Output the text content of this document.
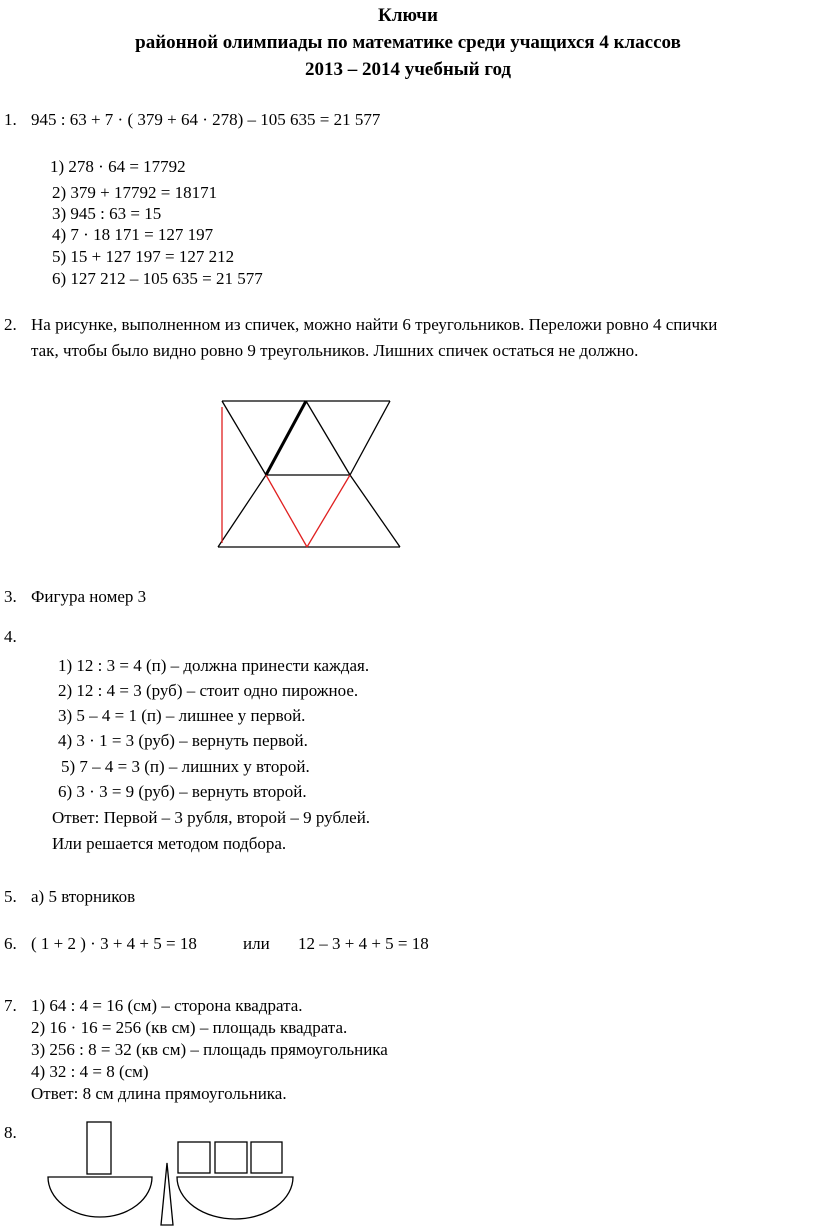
Ключи
районной олимпиады по математике среди учащихся 4 классов
2013 – 2014 учебный год
1. 945 : 63 + 7 · ( 379 + 64 · 278) – 105 635 = 21 577
1) 278 · 64 = 17792
2) 379 + 17792 = 18171
3) 945 : 63 = 15
4) 7 · 18 171 = 127 197
5) 15 + 127 197 = 127 212
6) 127 212 – 105 635 = 21 577
2. На рисунке, выполненном из спичек, можно найти 6 треугольников. Переложи ровно 4 спички
так, чтобы было видно ровно 9 треугольников. Лишних спичек остаться не должно.
3. Фигура номер 3
4.
1) 12 : 3 = 4 (п) – должна принести каждая.
2) 12 : 4 = 3 (руб) – стоит одно пирожное.
3) 5 – 4 = 1 (п) – лишнее у первой.
4) 3 · 1 = 3 (руб) – вернуть первой.
5) 7 – 4 = 3 (п) – лишних у второй.
6) 3 · 3 = 9 (руб) – вернуть второй.
Ответ: Первой – 3 рубля, второй – 9 рублей.
Или решается методом подбора.
5. а) 5 вторников
6. ( 1 + 2 ) · 3 + 4 + 5 = 18	или 12 – 3 + 4 + 5 = 18
7. 1) 64 : 4 = 16 (см) – сторона квадрата.
2) 16 · 16 = 256 (кв см) – площадь квадрата.
3) 256 : 8 = 32 (кв см) – площадь прямоугольника
4) 32 : 4 = 8 (см)
Ответ: 8 см длина прямоугольника.
8.
